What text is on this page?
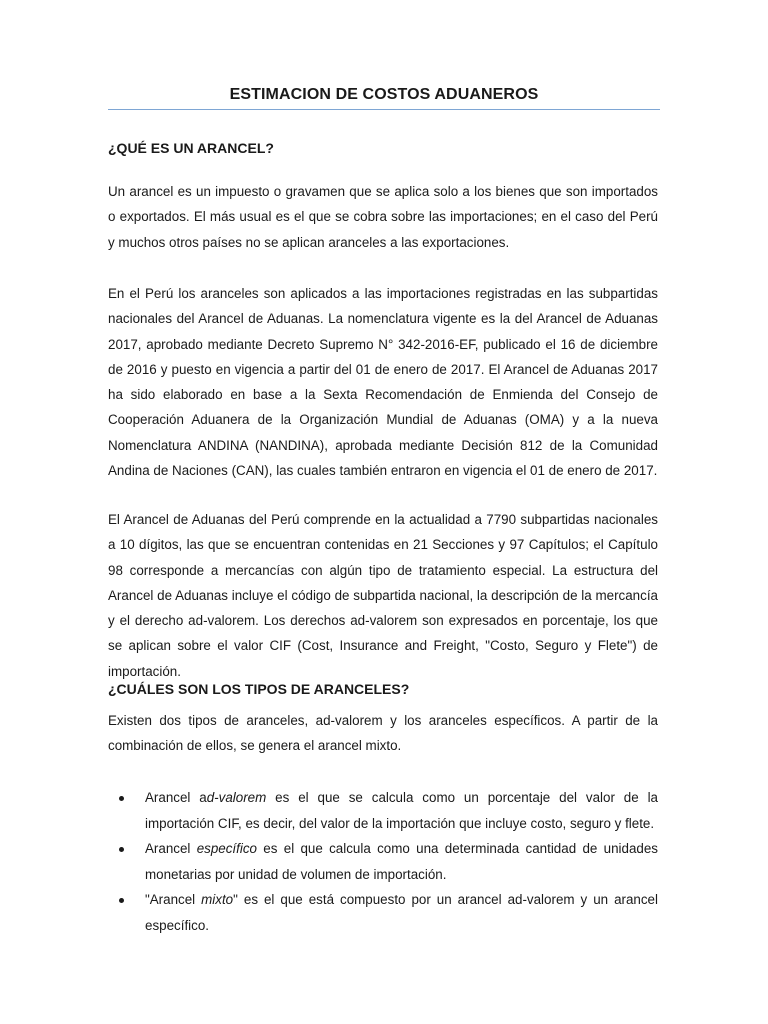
ESTIMACION DE COSTOS ADUANEROS
¿QUÉ ES UN ARANCEL?

Un arancel es un impuesto o gravamen que se aplica solo a los bienes que son importados o exportados. El más usual es el que se cobra sobre las importaciones; en el caso del Perú y muchos otros países no se aplican aranceles a las exportaciones.

En el Perú los aranceles son aplicados a las importaciones registradas en las subpartidas nacionales del Arancel de Aduanas. La nomenclatura vigente es la del Arancel de Aduanas 2017, aprobado mediante Decreto Supremo N° 342-2016-EF, publicado el 16 de diciembre de 2016 y puesto en vigencia a partir del 01 de enero de 2017. El Arancel de Aduanas 2017 ha sido elaborado en base a la Sexta Recomendación de Enmienda del Consejo de Cooperación Aduanera de la Organización Mundial de Aduanas (OMA) y a la nueva Nomenclatura ANDINA (NANDINA), aprobada mediante Decisión 812 de la Comunidad Andina de Naciones (CAN), las cuales también entraron en vigencia el 01 de enero de 2017.

El Arancel de Aduanas del Perú comprende en la actualidad a 7790 subpartidas nacionales a 10 dígitos, las que se encuentran contenidas en 21 Secciones y 97 Capítulos; el Capítulo 98 corresponde a mercancías con algún tipo de tratamiento especial. La estructura del Arancel de Aduanas incluye el código de subpartida nacional, la descripción de la mercancía y el derecho ad-valorem. Los derechos ad-valorem son expresados en porcentaje, los que se aplican sobre el valor CIF (Cost, Insurance and Freight, "Costo, Seguro y Flete") de importación.

¿CUÁLES SON LOS TIPOS DE ARANCELES?

Existen dos tipos de aranceles, ad-valorem y los aranceles específicos. A partir de la combinación de ellos, se genera el arancel mixto.

Arancel ad-valorem es el que se calcula como un porcentaje del valor de la importación CIF, es decir, del valor de la importación que incluye costo, seguro y flete.
Arancel específico es el que calcula como una determinada cantidad de unidades monetarias por unidad de volumen de importación.
"Arancel mixto" es el que está compuesto por un arancel ad-valorem y un arancel específico.
